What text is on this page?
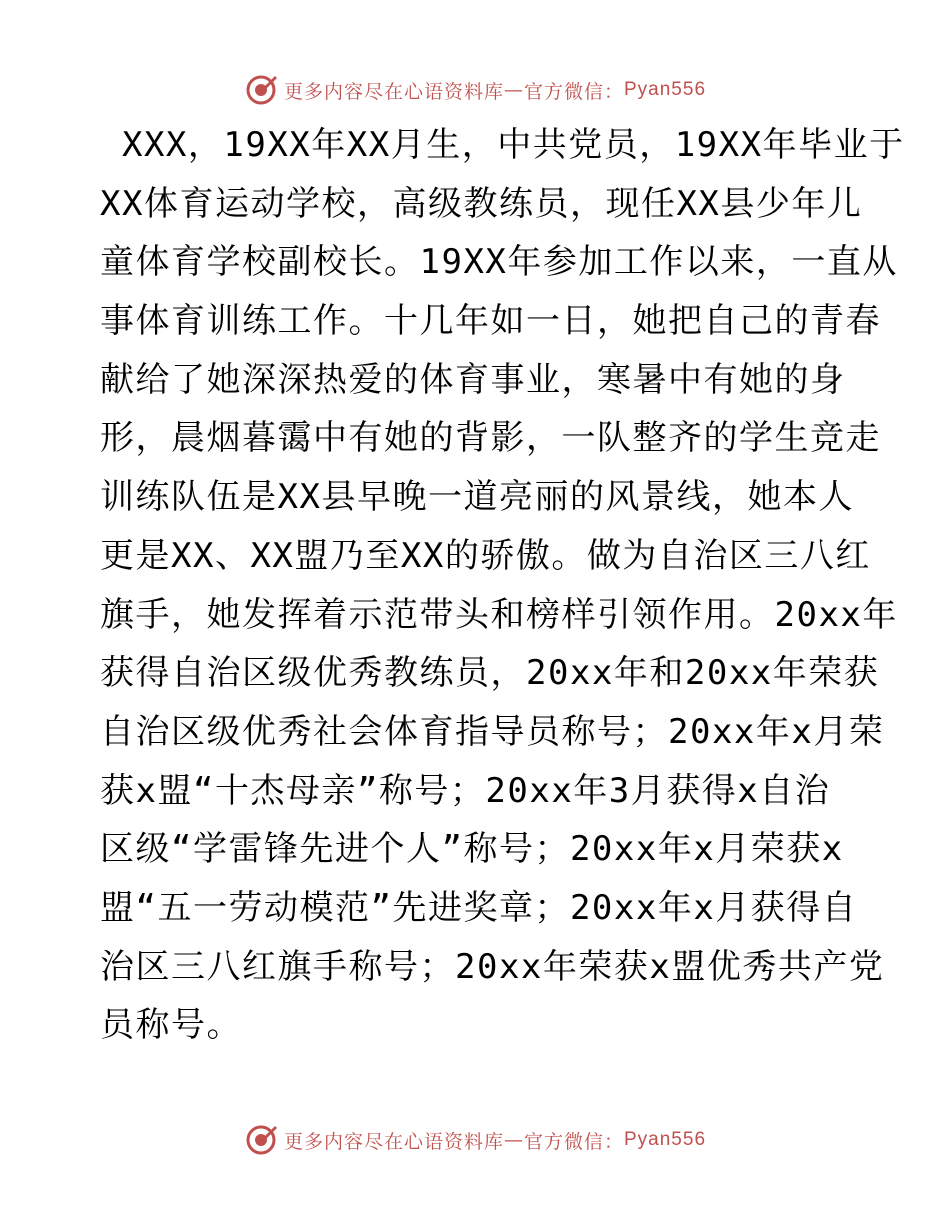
更多内容尽在心语资料库 — 官方微信： Pyan556
XXX，19XX年XX月生，中共党员，19XX年毕业于
XX体育运动学校，高级教练员，现任XX县少年儿
童体育学校副校长。19XX年参加工作以来，一直从
事体育训练工作。十几年如一日，她把自己的青春
献给了她深深热爱的体育事业，寒暑中有她的身
形，晨烟暮霭中有她的背影，一队整齐的学生竞走
训练队伍是XX县早晚一道亮丽的风景线，她本人
更是XX、XX盟乃至XX的骄傲。做为自治区三八红
旗手，她发挥着示范带头和榜样引领作用。20xx年
获得自治区级优秀教练员，20xx年和20xx年荣获
自治区级优秀社会体育指导员称号；20xx年x月荣
获x盟“十杰母亲”称号；20xx年3月获得x自治
区级“学雷锋先进个人”称号；20xx年x月荣获x
盟“五一劳动模范”先进奖章；20xx年x月获得自
治区三八红旗手称号；20xx年荣获x盟优秀共产党
员称号。
更多内容尽在心语资料库 — 官方微信： Pyan556
